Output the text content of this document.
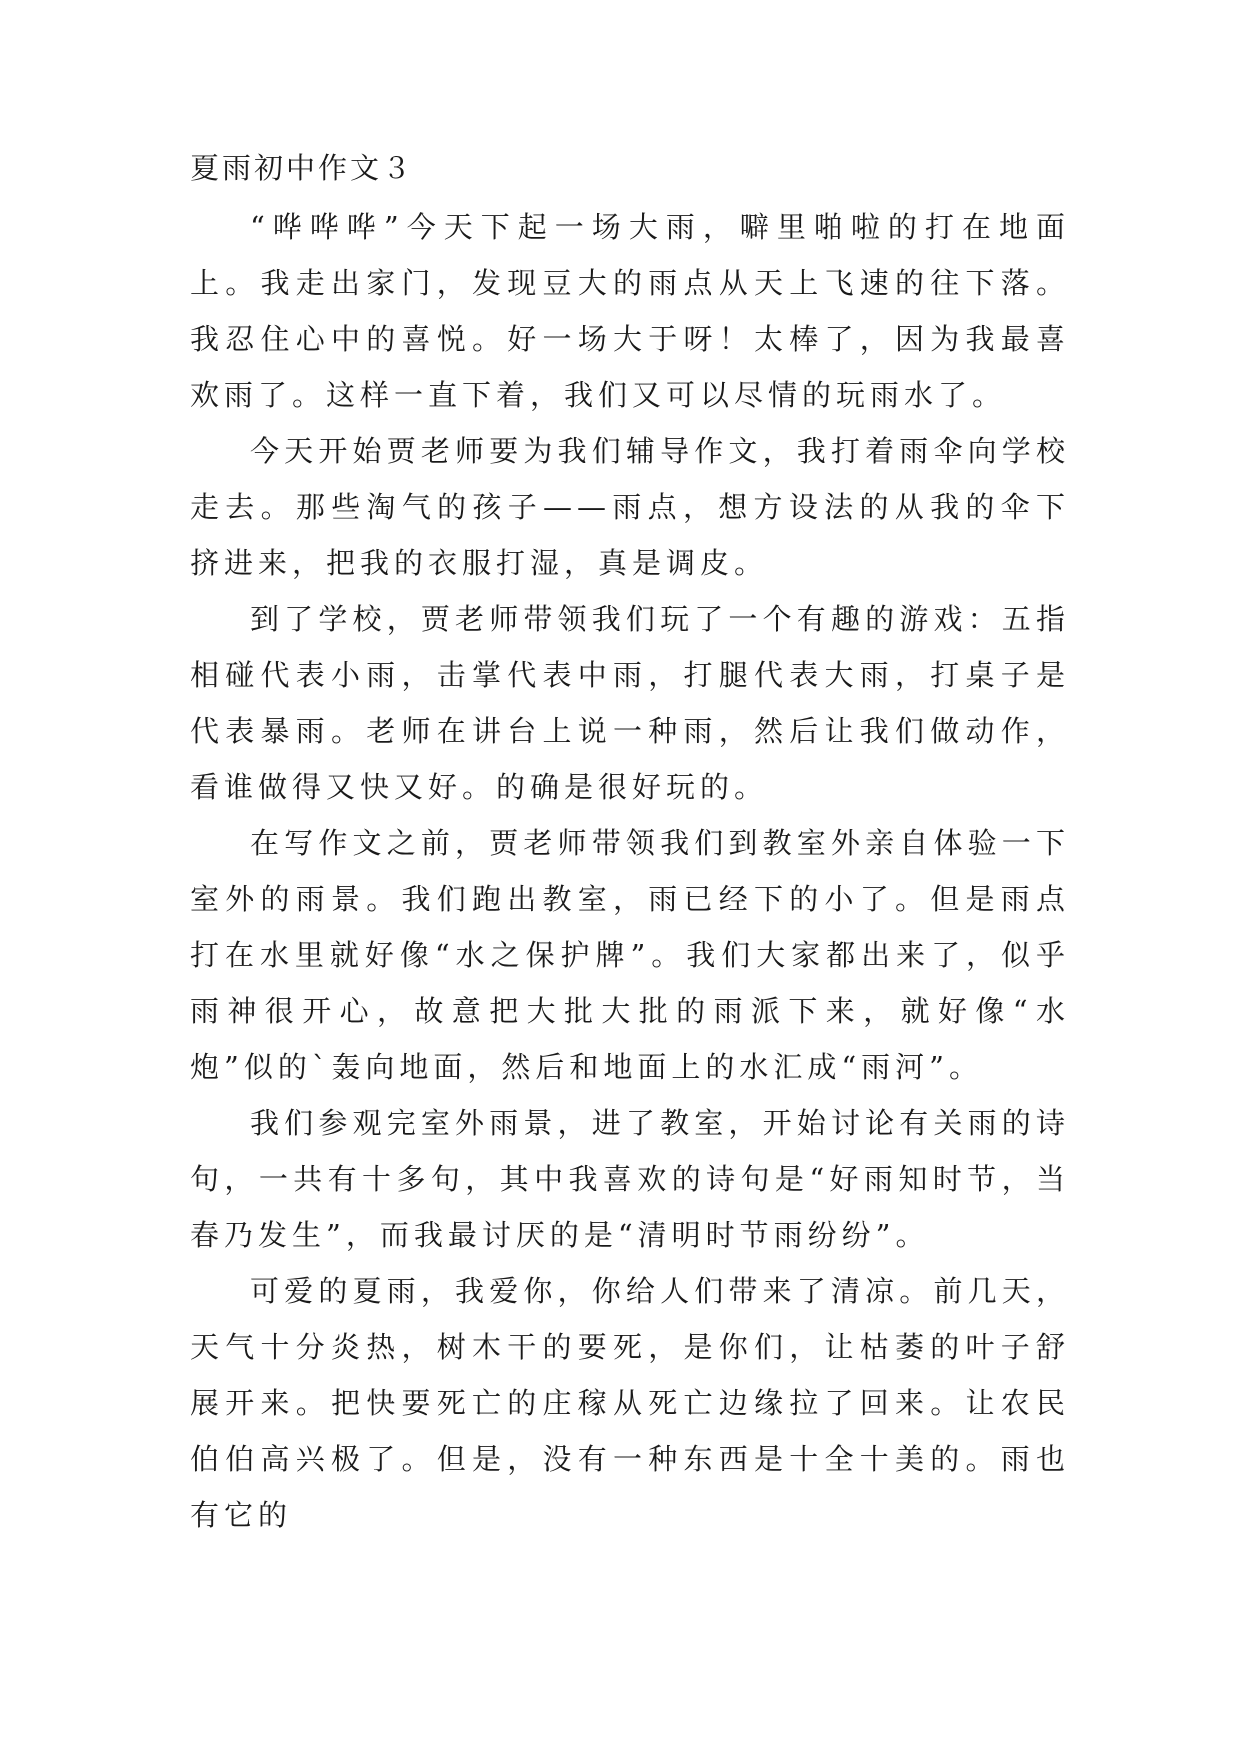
夏雨初中作文３

“哗哗哗”今天下起一场大雨，噼里啪啦的打在地面上。我走出家门，发现豆大的雨点从天上飞速的往下落。我忍住心中的喜悦。好一场大于呀！太棒了，因为我最喜欢雨了。这样一直下着，我们又可以尽情的玩雨水了。

今天开始贾老师要为我们辅导作文，我打着雨伞向学校走去。那些淘气的孩子——雨点，想方设法的从我的伞下挤进来，把我的衣服打湿，真是调皮。

到了学校，贾老师带领我们玩了一个有趣的游戏：五指相碰代表小雨，击掌代表中雨，打腿代表大雨，打桌子是代表暴雨。老师在讲台上说一种雨，然后让我们做动作，看谁做得又快又好。的确是很好玩的。

在写作文之前，贾老师带领我们到教室外亲自体验一下室外的雨景。我们跑出教室，雨已经下的小了。但是雨点打在水里就好像“水之保护牌”。我们大家都出来了，似乎雨神很开心，故意把大批大批的雨派下来，就好像“水炮”似的`轰向地面，然后和地面上的水汇成“雨河”。

我们参观完室外雨景，进了教室，开始讨论有关雨的诗句，一共有十多句，其中我喜欢的诗句是“好雨知时节，当春乃发生”，而我最讨厌的是“清明时节雨纷纷”。

可爱的夏雨，我爱你，你给人们带来了清凉。前几天，天气十分炎热，树木干的要死，是你们，让枯萎的叶子舒展开来。把快要死亡的庄稼从死亡边缘拉了回来。让农民伯伯高兴极了。但是，没有一种东西是十全十美的。雨也有它的
